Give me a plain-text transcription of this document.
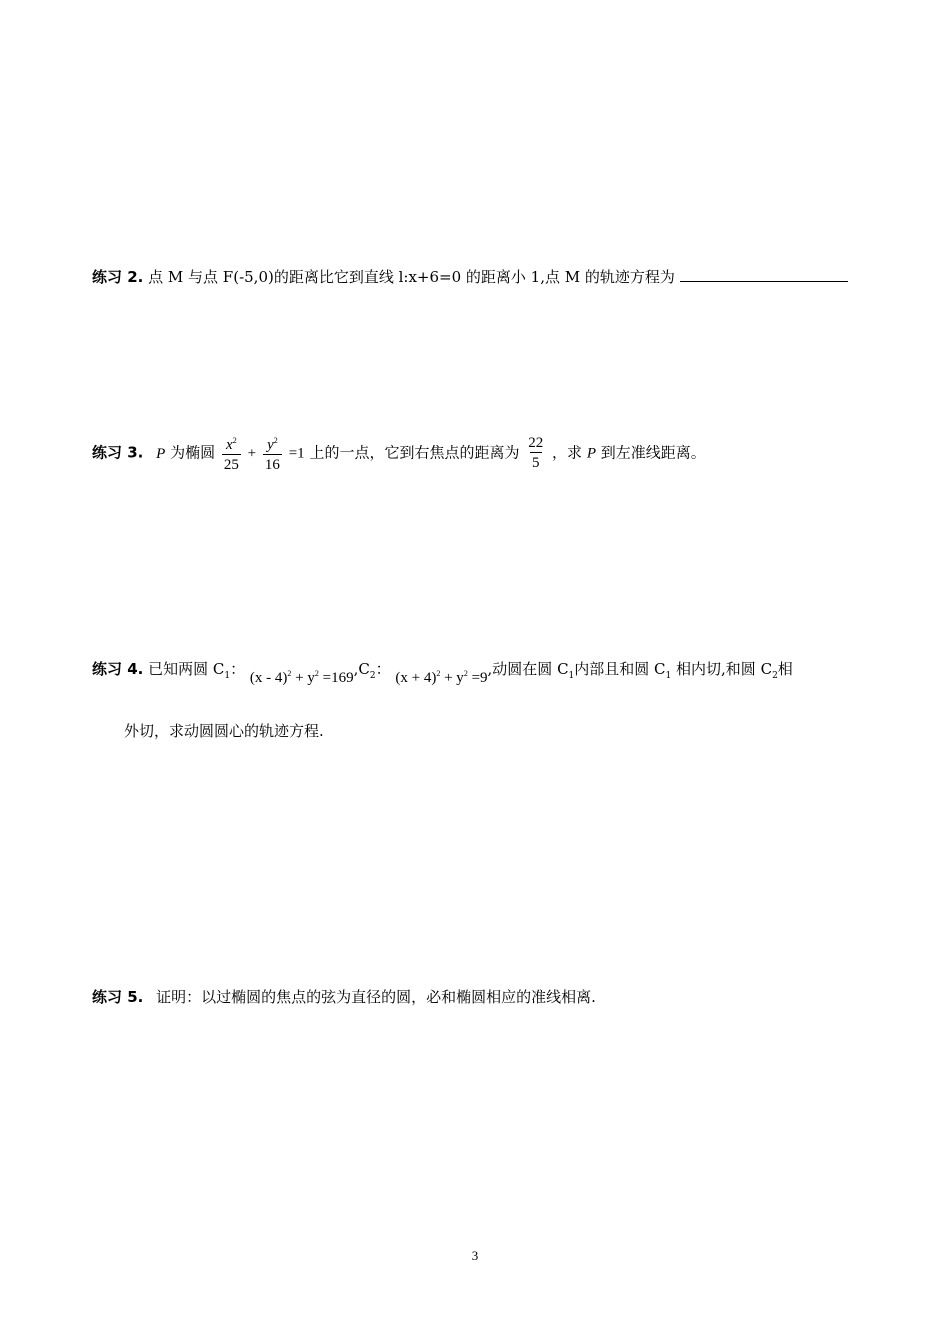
练习 2. 点 M 与点 F(-5,0)的距离比它到直线 l:x+6=0 的距离小 1,点 M 的轨迹方程为
练习 3. P 为椭圆 $\frac{x^2}{25} + \frac{y^2}{16} =1$ 上的一点，它到右焦点的距离为 $\frac{22}{5}$ ，求 P 到左准线距离。
练习 4. 已知两圆 $C_1$： $(x - 4)^2 + y^2 =169,C_2$： $(x + 4)^2 + y^2 =9$,动圆在圆 $C_1$内部且和圆 $C_1$ 相内切,和圆 $C_2$相
外切，求动圆圆心的轨迹方程.
练习 5. 证明：以过椭圆的焦点的弦为直径的圆，必和椭圆相应的准线相离.
3
